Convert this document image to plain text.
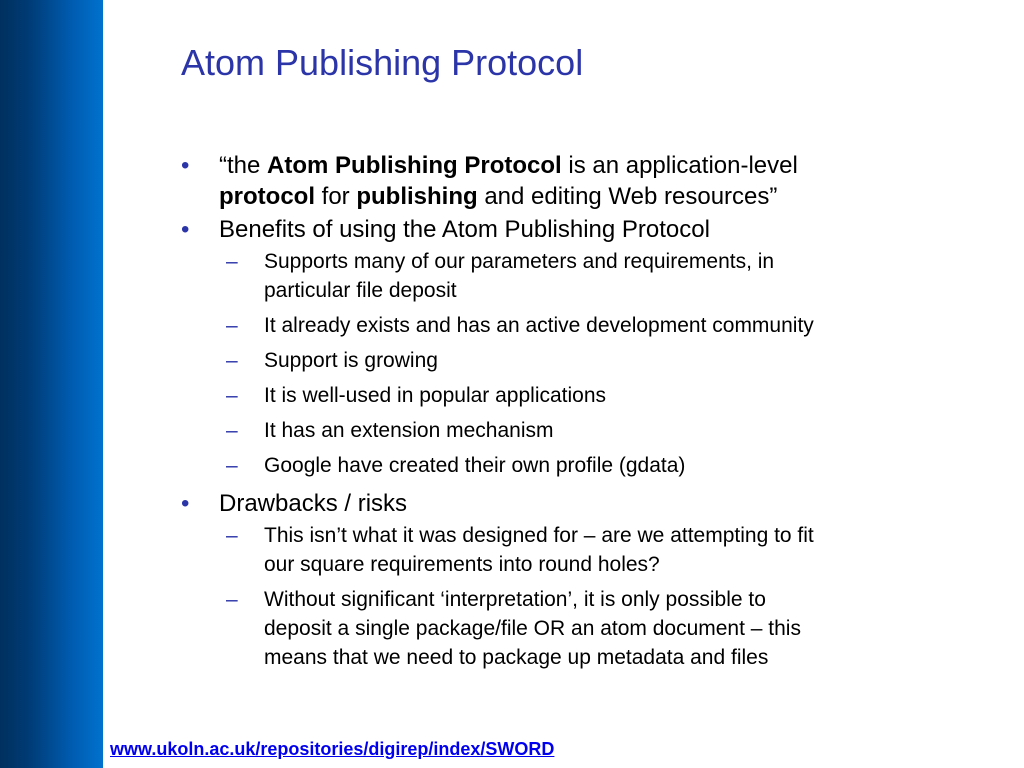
Atom Publishing Protocol
•	“the Atom Publishing Protocol is an application-level
protocol for publishing and editing Web resources”
•	Benefits of using the Atom Publishing Protocol
–	Supports many of our parameters and requirements, in
particular file deposit
–	It already exists and has an active development community
–	Support is growing
–	It is well-used in popular applications
–	It has an extension mechanism
–	Google have created their own profile (gdata)
•	Drawbacks / risks
–	This isn’t what it was designed for – are we attempting to fit
our square requirements into round holes?
–	Without significant ‘interpretation’, it is only possible to
deposit a single package/file OR an atom document – this
means that we need to package up metadata and files
www.ukoln.ac.uk/repositories/digirep/index/SWORD
